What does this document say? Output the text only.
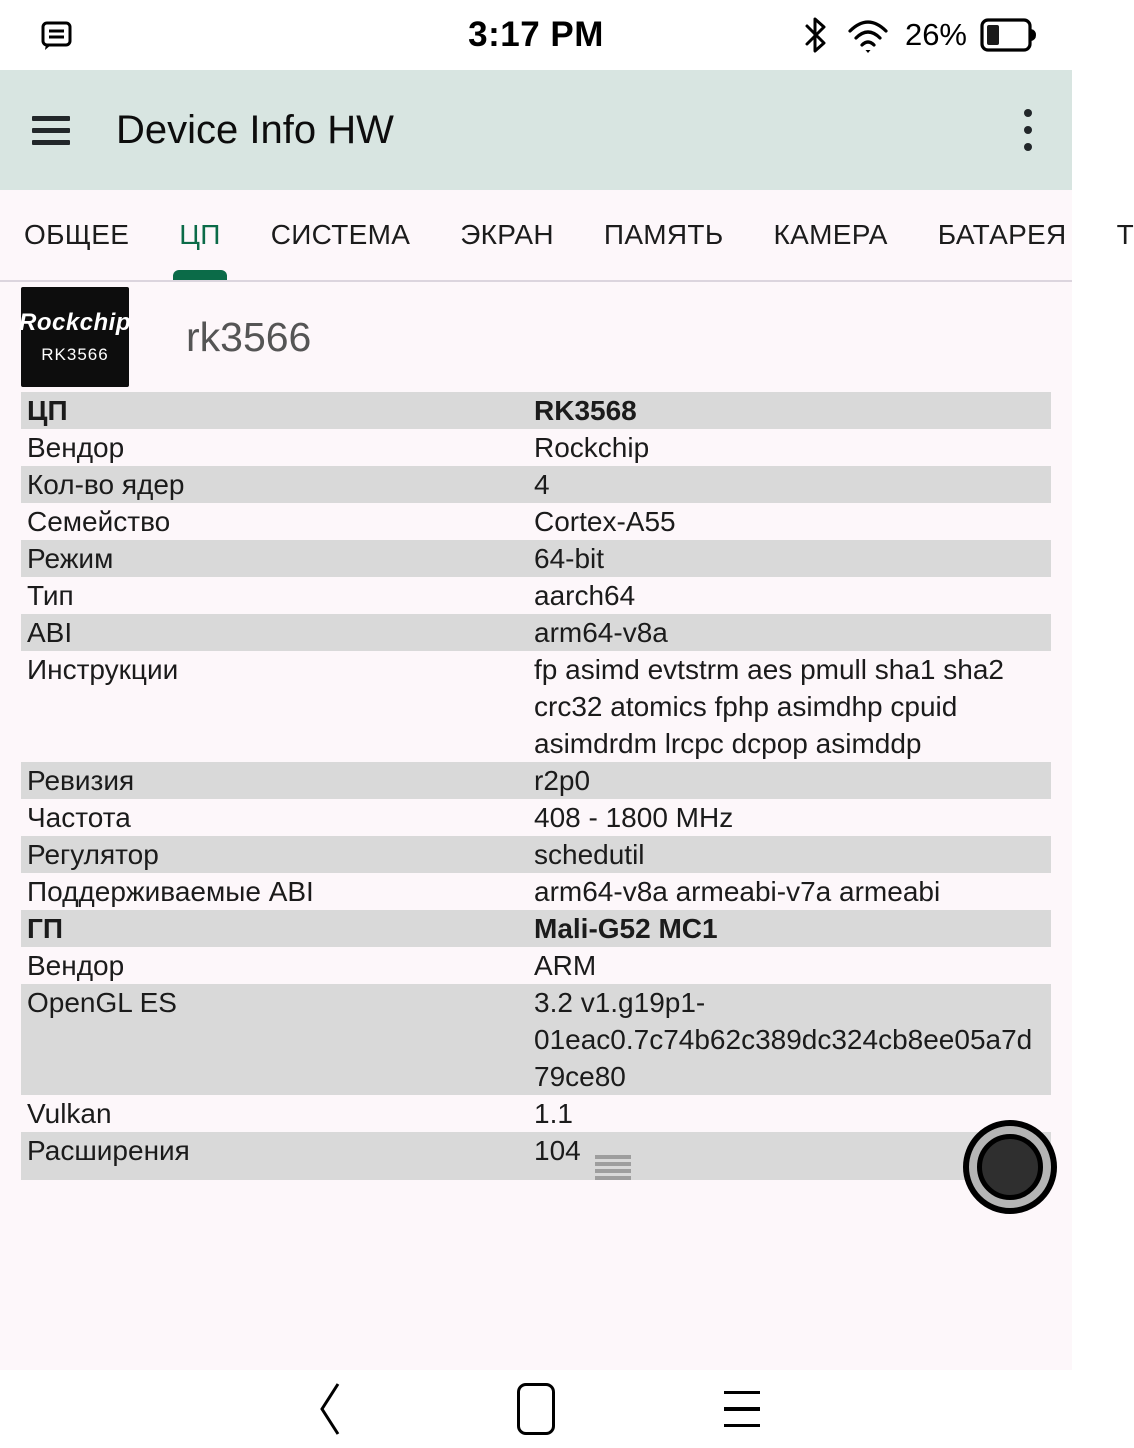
3:17 PM	26%
Device Info HW
ОБЩЕЕ ЦП СИСТЕМА ЭКРАН ПАМЯТЬ КАМЕРА БАТАРЕЯ Т
Rockchip
RK3566 rk3566
ЦП	RK3568
Вендор	Rockchip
Кол-во ядер	4
Семейство	Cortex-A55
Режим	64-bit
Тип	aarch64
ABI	arm64-v8a
Инструкции	fp asimd evtstrm aes pmull sha1 sha2 crc32 atomics fphp asimdhp cpuid asimdrdm lrcpc dcpop asimddp
Ревизия	r2p0
Частота	408 - 1800 MHz
Регулятор	schedutil
Поддерживаемые ABI	arm64-v8a armeabi-v7a armeabi
ГП	Mali-G52 MC1
Вендор	ARM
OpenGL ES	3.2 v1.g19p1-01eac0.7c74b62c389dc324cb8ee05a7d79ce80
Vulkan	1.1
Расширения	104
